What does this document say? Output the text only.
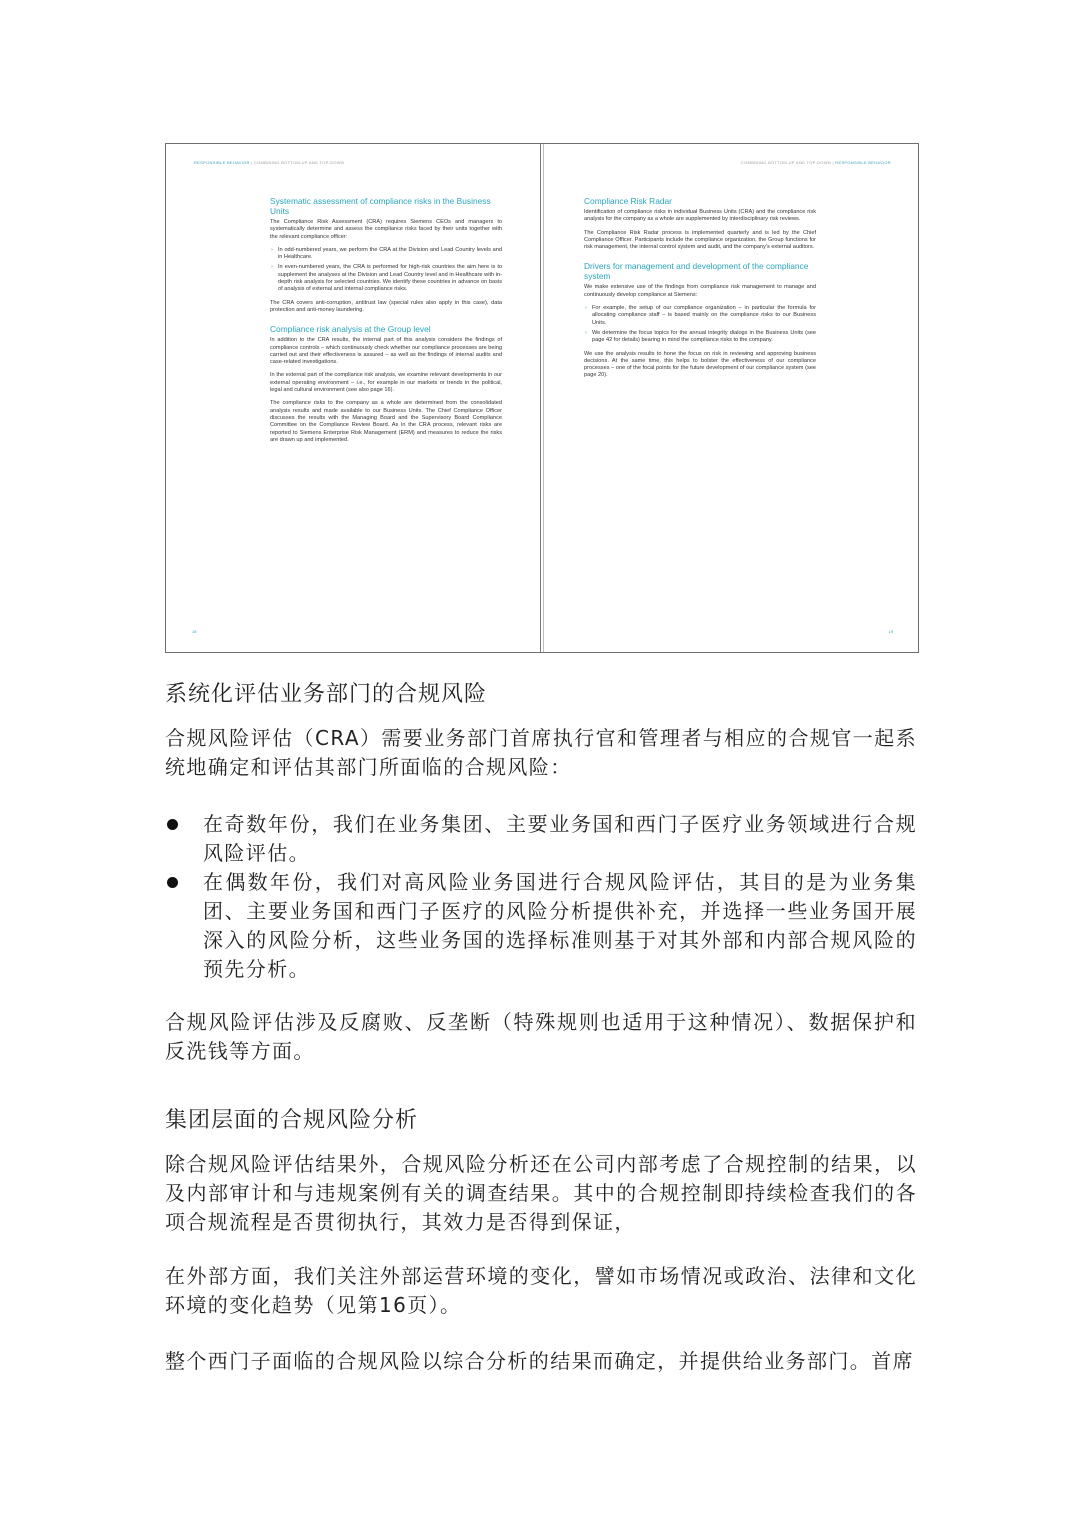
RESPONSIBLE BEHAVIOR | COMBINING BOTTOM-UP AND TOP-DOWN
Systematic assessment of compliance risks in the Business Units

The Compliance Risk Assessment (CRA) requires Siemens CEOs and managers to systematically determine and assess the compliance risks faced by their units together with the relevant compliance officer:

› In odd-numbered years, we perform the CRA at the Division and Lead Country levels and in Healthcare.
› In even-numbered years, the CRA is performed for high-risk countries the aim here is to supplement the analyses at the Division and Lead Country level and in Healthcare with in-depth risk analysis for selected countries. We identify these countries in advance on basis of analysis of external and internal compliance risks.

The CRA covers anti-corruption, antitrust law (special rules also apply in this case), data protection and anti-money laundering.

Compliance risk analysis at the Group level

In addition to the CRA results, the internal part of this analysis considers the findings of compliance controls – which continuously check whether our compliance processes are being carried out and their effectiveness is assured – as well as the findings of internal audits and case-related investigations.

In the external part of the compliance risk analysis, we examine relevant developments in our external operating environment – i.e., for example in our markets or trends in the political, legal and cultural environment (see also page 16).

The compliance risks to the company as a whole are determined from the consolidated analysis results and made available to our Business Units. The Chief Compliance Officer discusses the results with the Managing Board and the Supervisory Board Compliance Committee on the Compliance Review Board. As in the CRA process, relevant risks are reported to Siemens Enterprise Risk Management (ERM) and measures to reduce the risks are drawn up and implemented.

18
COMBINING BOTTOM-UP AND TOP-DOWN | RESPONSIBLE BEHAVIOR
Compliance Risk Radar

Identification of compliance risks in individual Business Units (CRA) and the compliance risk analysis for the company as a whole are supplemented by interdisciplinary risk reviews.

The Compliance Risk Radar process is implemented quarterly and is led by the Chief Compliance Officer. Participants include the compliance organization, the Group functions for risk management, the internal control system and audit, and the company's external auditors.

Drivers for management and development of the compliance system

We make extensive use of the findings from compliance risk management to manage and continuously develop compliance at Siemens:

› For example, the setup of our compliance organization – in particular the formula for allocating compliance staff – is based mainly on the compliance risks to our Business Units.
› We determine the focus topics for the annual integrity dialogs in the Business Units (see page 42 for details) bearing in mind the compliance risks to the company.

We use the analysis results to hone the focus on risk in reviewing and approving business decisions. At the same time, this helps to bolster the effectiveness of our compliance processes – one of the focal points for the future development of our compliance system (see page 20).

19
系统化评估业务部门的合规风险

合规风险评估（CRA）需要业务部门首席执行官和管理者与相应的合规官一起系统地确定和评估其部门所面临的合规风险：

在奇数年份，我们在业务集团、主要业务国和西门子医疗业务领域进行合规风险评估。
在偶数年份，我们对高风险业务国进行合规风险评估，其目的是为业务集团、主要业务国和西门子医疗的风险分析提供补充，并选择一些业务国开展深入的风险分析，这些业务国的选择标准则基于对其外部和内部合规风险的预先分析。

合规风险评估涉及反腐败、反垄断（特殊规则也适用于这种情况）、数据保护和反洗钱等方面。

集团层面的合规风险分析

除合规风险评估结果外，合规风险分析还在公司内部考虑了合规控制的结果，以及内部审计和与违规案例有关的调查结果。其中的合规控制即持续检查我们的各项合规流程是否贯彻执行，其效力是否得到保证，

在外部方面，我们关注外部运营环境的变化，譬如市场情况或政治、法律和文化环境的变化趋势（见第16页）。

整个西门子面临的合规风险以综合分析的结果而确定，并提供给业务部门。首席
